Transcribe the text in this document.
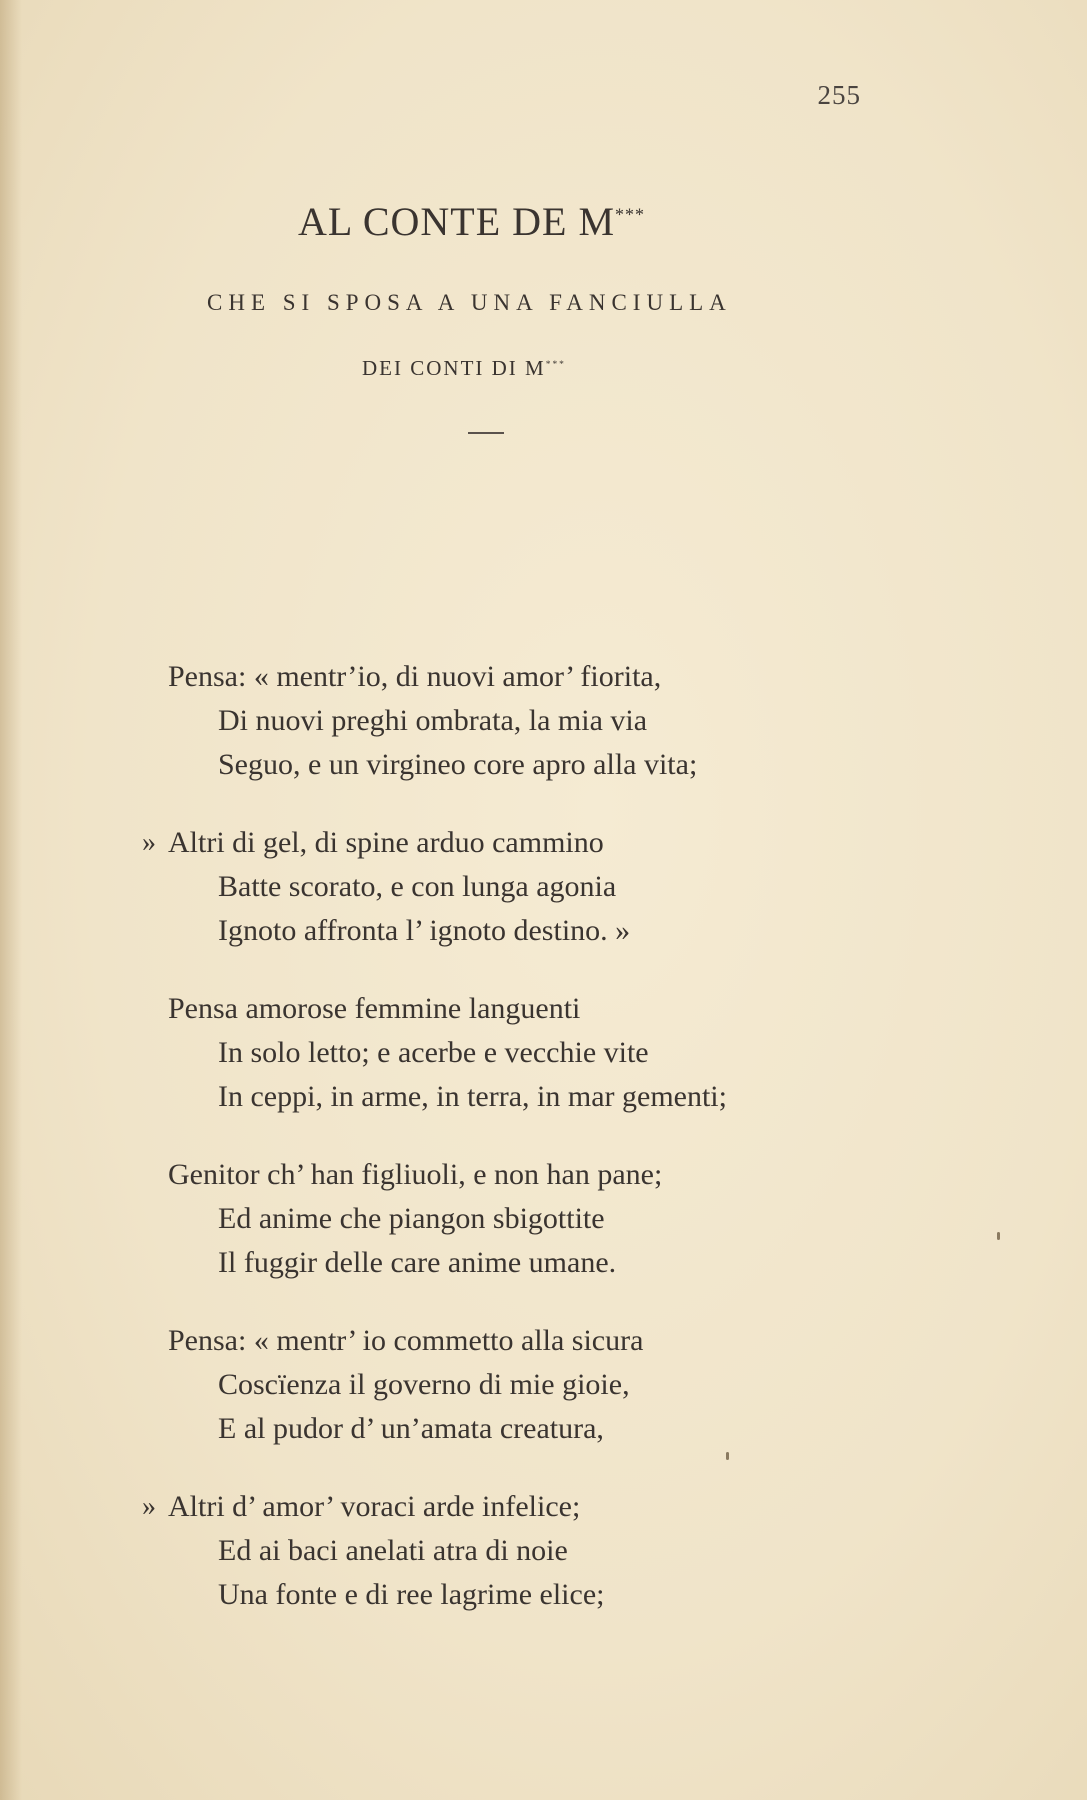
255
AL CONTE DE M***
CHE SI SPOSA A UNA FANCIULLA
DEI CONTI DI M***
Pensa: « mentr’io, di nuovi amor’ fiorita,
Di nuovi preghi ombrata, la mia via
Seguo, e un virgineo core apro alla vita;
» Altri di gel, di spine arduo cammino
Batte scorato, e con lunga agonia
Ignoto affronta l’ ignoto destino. »
Pensa amorose femmine languenti
In solo letto; e acerbe e vecchie vite
In ceppi, in arme, in terra, in mar gementi;
Genitor ch’ han figliuoli, e non han pane;
Ed anime che piangon sbigottite
Il fuggir delle care anime umane.
Pensa: « mentr’ io commetto alla sicura
Coscïenza il governo di mie gioie,
E al pudor d’ un’amata creatura,
» Altri d’ amor’ voraci arde infelice;
Ed ai baci anelati atra di noie
Una fonte e di ree lagrime elice;
